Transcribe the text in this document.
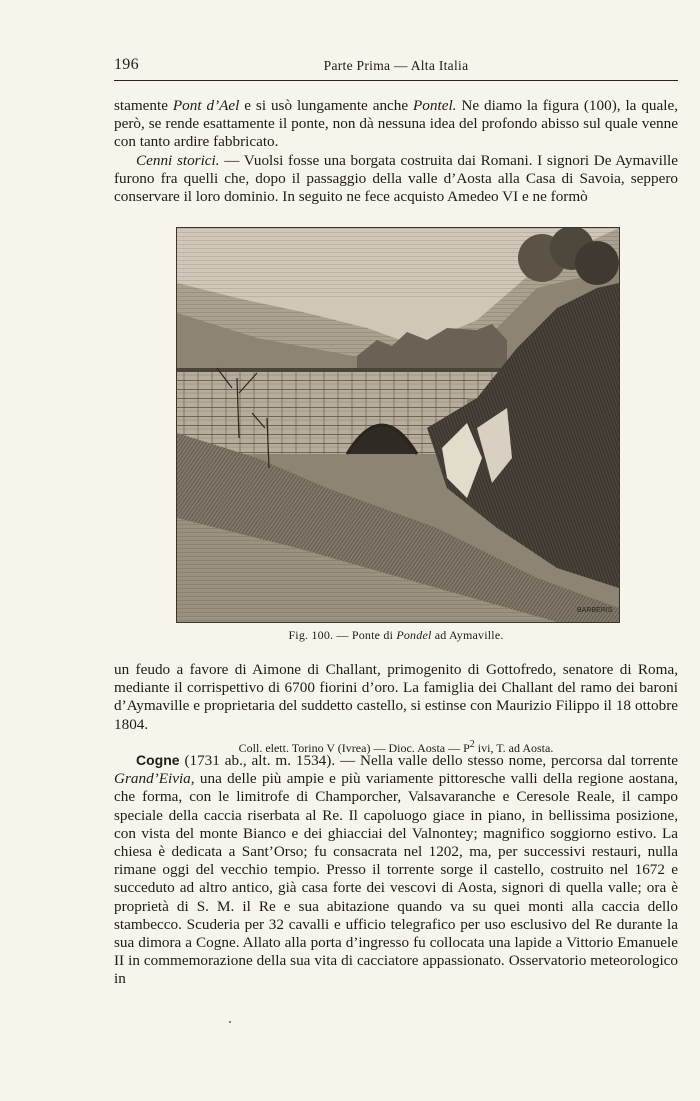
196	Parte Prima — Alta Italia
stamente Pont d’Ael e si usò lungamente anche Pontel. Ne diamo la figura (100), la quale, però, se rende esattamente il ponte, non dà nessuna idea del profondo abisso sul quale venne con tanto ardire fabbricato.
Cenni storici. — Vuolsi fosse una borgata costruita dai Romani. I signori De Aymaville furono fra quelli che, dopo il passaggio della valle d’Aosta alla Casa di Savoia, seppero conservare il loro dominio. In seguito ne fece acquisto Amedeo VI e ne formò
BARBERIS
Fig. 100. — Ponte di Pondel ad Aymaville.
un feudo a favore di Aimone di Challant, primogenito di Gottofredo, senatore di Roma, mediante il corrispettivo di 6700 fiorini d’oro. La famiglia dei Challant del ramo dei baroni d’Aymaville e proprietaria del suddetto castello, si estinse con Maurizio Filippo il 18 ottobre 1804.
Coll. elett. Torino V (Ivrea) — Dioc. Aosta — $P^2$ ivi, T. ad Aosta.
Cogne (1731 ab., alt. m. 1534). — Nella valle dello stesso nome, percorsa dal torrente Grand’Eivia, una delle più ampie e più variamente pittoresche valli della regione aostana, che forma, con le limitrofe di Champorcher, Valsavaranche e Ceresole Reale, il campo speciale della caccia riserbata al Re. Il capoluogo giace in piano, in bellissima posizione, con vista del monte Bianco e dei ghiacciai del Valnontey; magnifico soggiorno estivo. La chiesa è dedicata a Sant’Orso; fu consacrata nel 1202, ma, per successivi restauri, nulla rimane oggi del vecchio tempio. Presso il torrente sorge il castello, costruito nel 1672 e succeduto ad altro antico, già casa forte dei vescovi di Aosta, signori di quella valle; ora è proprietà di S. M. il Re e sua abitazione quando va su quei monti alla caccia dello stambecco. Scuderia per 32 cavalli e ufficio telegrafico per uso esclusivo del Re durante la sua dimora a Cogne. Allato alla porta d’ingresso fu collocata una lapide a Vittorio Emanuele II in commemorazione della sua vita di cacciatore appassionato. Osservatorio meteorologico in
